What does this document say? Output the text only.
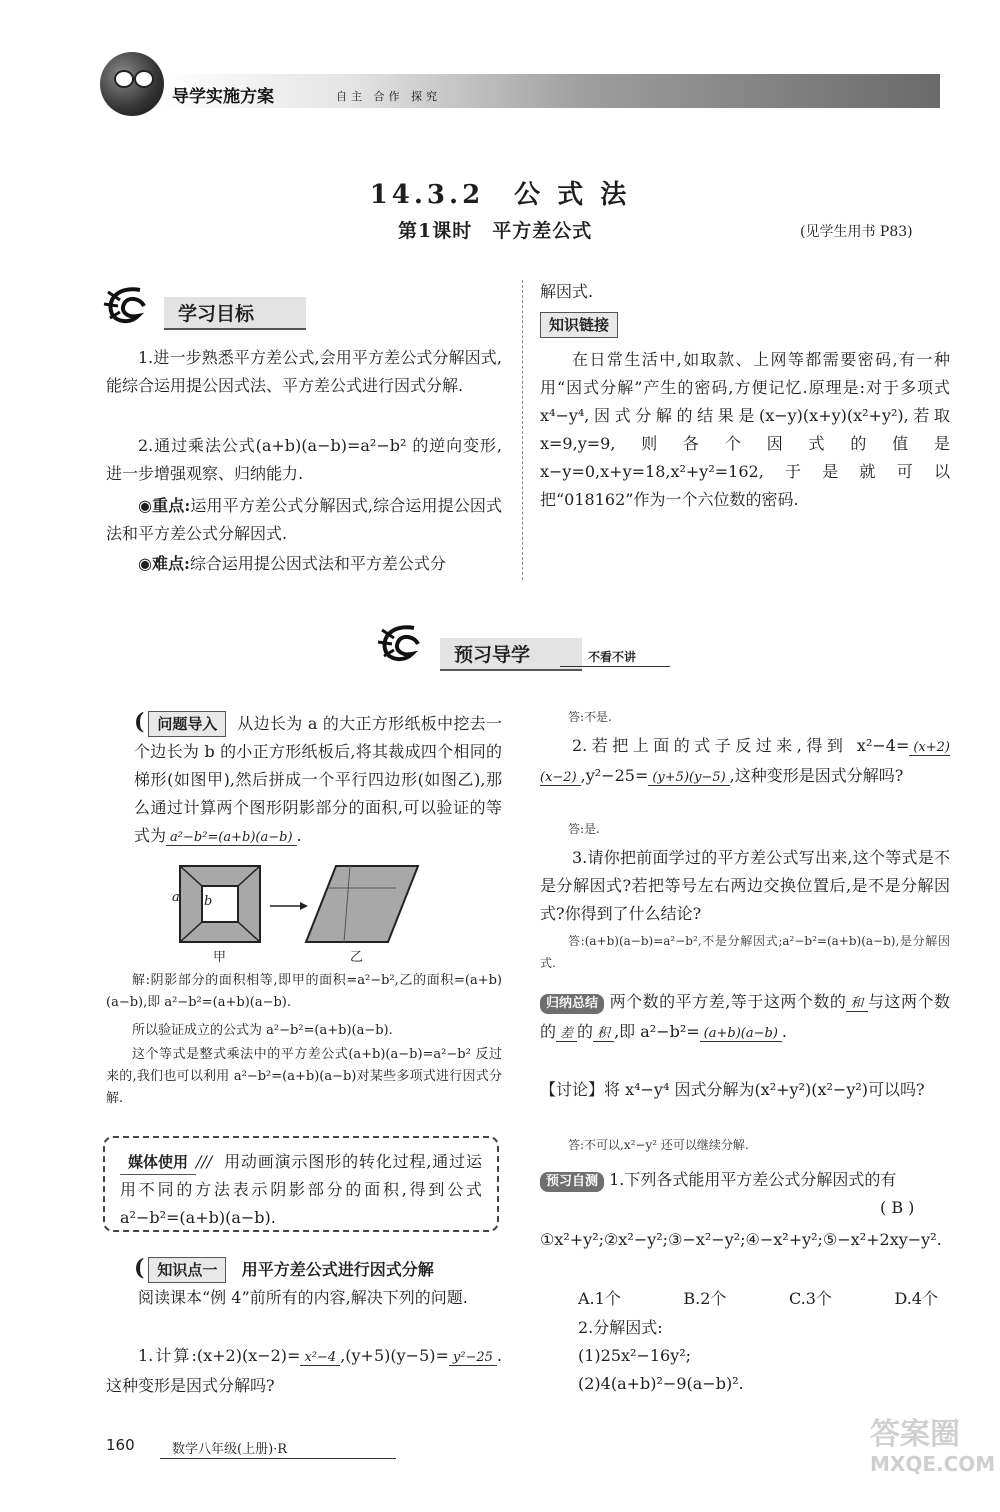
导学实施方案	自主 合作 探究
14.3.2　公 式 法
第1课时　平方差公式	(见学生用书 P83)
学习目标
1.进一步熟悉平方差公式,会用平方差公式分解因式,能综合运用提公因式法、平方差公式进行因式分解.
2.通过乘法公式(a+b)(a−b)=a²−b² 的逆向变形,进一步增强观察、归纳能力.
◉重点:运用平方差公式分解因式,综合运用提公因式法和平方差公式分解因式.
◉难点:综合运用提公因式法和平方差公式分
解因式.
知识链接
在日常生活中,如取款、上网等都需要密码,有一种用“因式分解”产生的密码,方便记忆.原理是:对于多项式 x⁴−y⁴,因式分解的结果是(x−y)(x+y)(x²+y²),若取 x=9,y=9,则各个因式的值是 x−y=0,x+y=18,x²+y²=162,于是就可以把“018162”作为一个六位数的密码.
预习导学	不看不讲
( 问题导入 从边长为 a 的大正方形纸板中挖去一个边长为 b 的小正方形纸板后,将其裁成四个相同的梯形(如图甲),然后拼成一个平行四边形(如图乙),那么通过计算两个图形阴影部分的面积,可以验证的等式为 a²−b²=(a+b)(a−b) .
a b
甲	乙
解:阴影部分的面积相等,即甲的面积=a²−b²,乙的面积=(a+b)(a−b),即 a²−b²=(a+b)(a−b).
所以验证成立的公式为 a²−b²=(a+b)(a−b).
这个等式是整式乘法中的平方差公式(a+b)(a−b)=a²−b² 反过来的,我们也可以利用 a²−b²=(a+b)(a−b)对某些多项式进行因式分解.
媒体使用 /// 用动画演示图形的转化过程,通过运用不同的方法表示阴影部分的面积,得到公式 a²−b²=(a+b)(a−b).
( 知识点一 用平方差公式进行因式分解
阅读课本“例 4”前所有的内容,解决下列的问题.
1.计算:(x+2)(x−2)= x²−4 ,(y+5)(y−5)= y²−25 .这种变形是因式分解吗?
答:不是.
2.若把上面的式子反过来,得到 x²−4= (x+2)(x−2) ,y²−25= (y+5)(y−5) ,这种变形是因式分解吗?
答:是.
3.请你把前面学过的平方差公式写出来,这个等式是不是分解因式?若把等号左右两边交换位置后,是不是分解因式?你得到了什么结论?
答:(a+b)(a−b)=a²−b²,不是分解因式;a²−b²=(a+b)(a−b),是分解因式.
归纳总结 两个数的平方差,等于这两个数的 和 与这两个数的 差 的 积 ,即 a²−b²= (a+b)(a−b) .
【讨论】将 x⁴−y⁴ 因式分解为(x²+y²)(x²−y²)可以吗?
答:不可以,x²−y² 还可以继续分解.
预习自测 1.下列各式能用平方差公式分解因式的有
( B )
①x²+y²;②x²−y²;③−x²−y²;④−x²+y²;⑤−x²+2xy−y².
A.1个	B.2个	C.3个	D.4个
2.分解因式:
(1)25x²−16y²;
(2)4(a+b)²−9(a−b)².
160	数学八年级(上册)·R	答案圈
MXQE.COM
